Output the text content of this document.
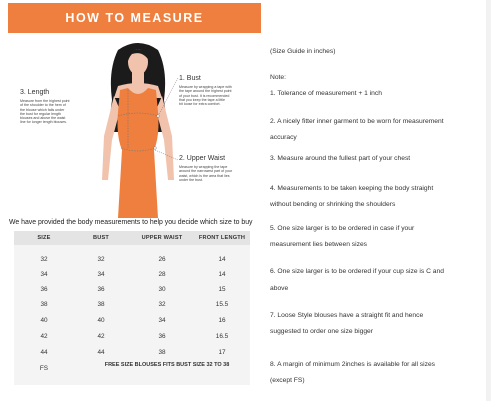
HOW TO MEASURE
1. Bust
Measure by wrapping a tape with
the tape around the highest point
of your bust. It is recommended
that you keep the tape a little
bit loose for extra comfort.
2. Upper Waist
Measure by wrapping the tape
around the narrowest part of your
waist, which is the area that lies
under the bust.
3. Length
Measure from the highest point
of the shoulder to the hem of
the blouse which falls under
the bust for regular length
blouses and above the waist
line for longer length blouses.
We have provided the body measurements to help you decide which size to buy
SIZE	BUST	UPPER WAIST	FRONT LENGTH
32	32	26	14
34	34	28	14
36	36	30	15
38	38	32	15.5
40	40	34	16
42	42	36	16.5
44	44	38	17
FS	FREE SIZE BLOUSES FITS BUST SIZE 32 TO 38
(Size Guide in inches)
Note:
1. Tolerance of measurement + 1 inch
2. A nicely fitter inner garment to be worn for measurement
accuracy
3. Measure around the fullest part of your chest
4. Measurements to be taken keeping the body straight
without bending or shrinking the shoulders
5. One size larger is to be ordered in case if your
measurement lies between sizes
6. One size larger is to be ordered if your cup size is C and
above
7. Loose Style blouses have a straight fit and hence
suggested to order one size bigger
8. A margin of minimum 2inches is available for all sizes
(except FS)
